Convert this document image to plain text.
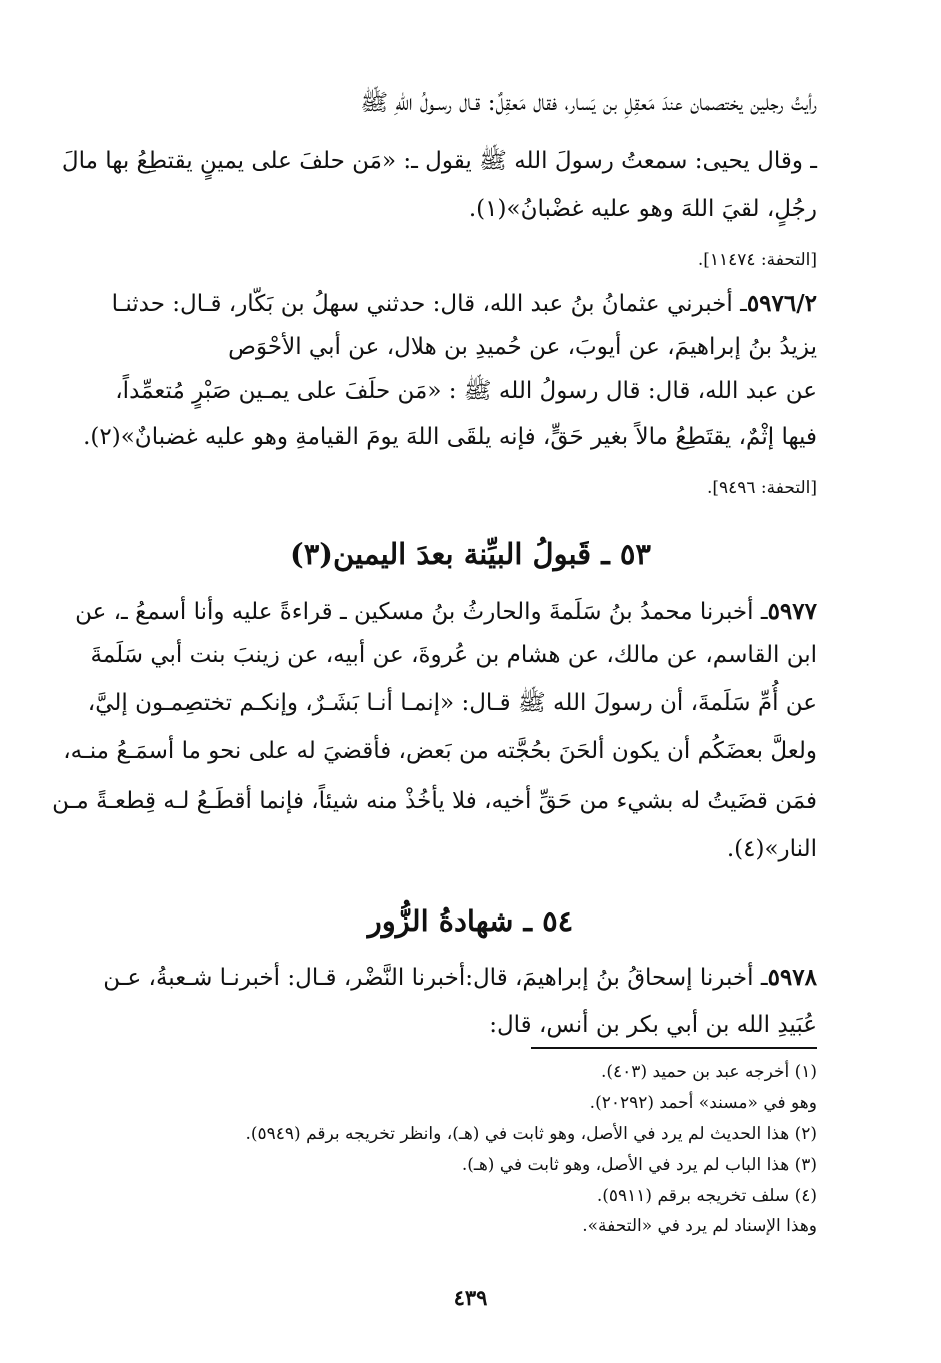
رأيتُ رجلين يختصمان عندَ مَعقِلِ بن يَسار، فقال مَعقِلٌ: قـال رسـولُ اللهِ ﷺ
ـ وقال يحيى: سمعتُ رسولَ الله ﷺ يقول ـ: «مَن حلفَ على يمينٍ يقتطِعُ بها مالَ
رجُلٍ، لقيَ اللهَ وهو عليه غضْبانُ»(١).
[التحفة: ١١٤٧٤].
٥٩٧٦/٢ـ أخبرني عثمانُ بنُ عبد الله، قال: حدثني سهلُ بن بَكّار، قـال: حدثنـا
يزيدُ بنُ إبراهيمَ، عن أيوبَ، عن حُميدِ بن هلال، عن أبي الأحْوَص
عن عبد الله، قال: قال رسولُ الله ﷺ : «مَن حلَفَ على يمـين صَبْرٍ مُتعمِّداً،
فيها إثْمٌ، يقتَطِعُ مالاً بغير حَقٍّ، فإنه يلقَى اللهَ يومَ القيامةِ وهو عليه غضبانٌ»(٢).
[التحفة: ٩٤٩٦].
٥٣ ـ قَبولُ البيِّنة بعدَ اليمين(٣)
٥٩٧٧ـ أخبرنا محمدُ بنُ سَلَمةَ والحارثُ بنُ مسكين ـ قراءةً عليه وأنا أسمعُ ـ، عن
ابن القاسم، عن مالك، عن هشام بن عُروةَ، عن أبيه، عن زينبَ بنت أبي سَلَمةَ
عن أُمِّ سَلَمةَ، أن رسولَ الله ﷺ قـال: «إنمـا أنـا بَشَـرٌ، وإنكـم تختصِمـون إليَّ،
ولعلَّ بعضَكُم أن يكون ألحَنَ بحُجَّته من بَعض، فأقضيَ له على نحو ما أسمَـعُ منـه،
فمَن قضَيتُ له بشيء من حَقِّ أخيه، فلا يأخُذْ منه شيئاً، فإنما أقطَـعُ لـه قِطعـةً مـن
النار»(٤).
٥٤ ـ شهادةُ الزُّور
٥٩٧٨ـ أخبرنا إسحاقُ بنُ إبراهيمَ، قال:أخبرنا النَّضْر، قـال: أخبرنـا شـعبةُ، عـن
عُبَيدِ الله بن أبي بكر بن أنس، قال:
(١) أخرجه عبد بن حميد (٤٠٣).
وهو في «مسند» أحمد (٢٠٢٩٢).
(٢) هذا الحديث لم يرد في الأصل، وهو ثابت في (هـ)، وانظر تخريجه برقم (٥٩٤٩).
(٣) هذا الباب لم يرد في الأصل، وهو ثابت في (هـ).
(٤) سلف تخريجه برقم (٥٩١١).
وهذا الإسناد لم يرد في «التحفة».
٤٣٩
